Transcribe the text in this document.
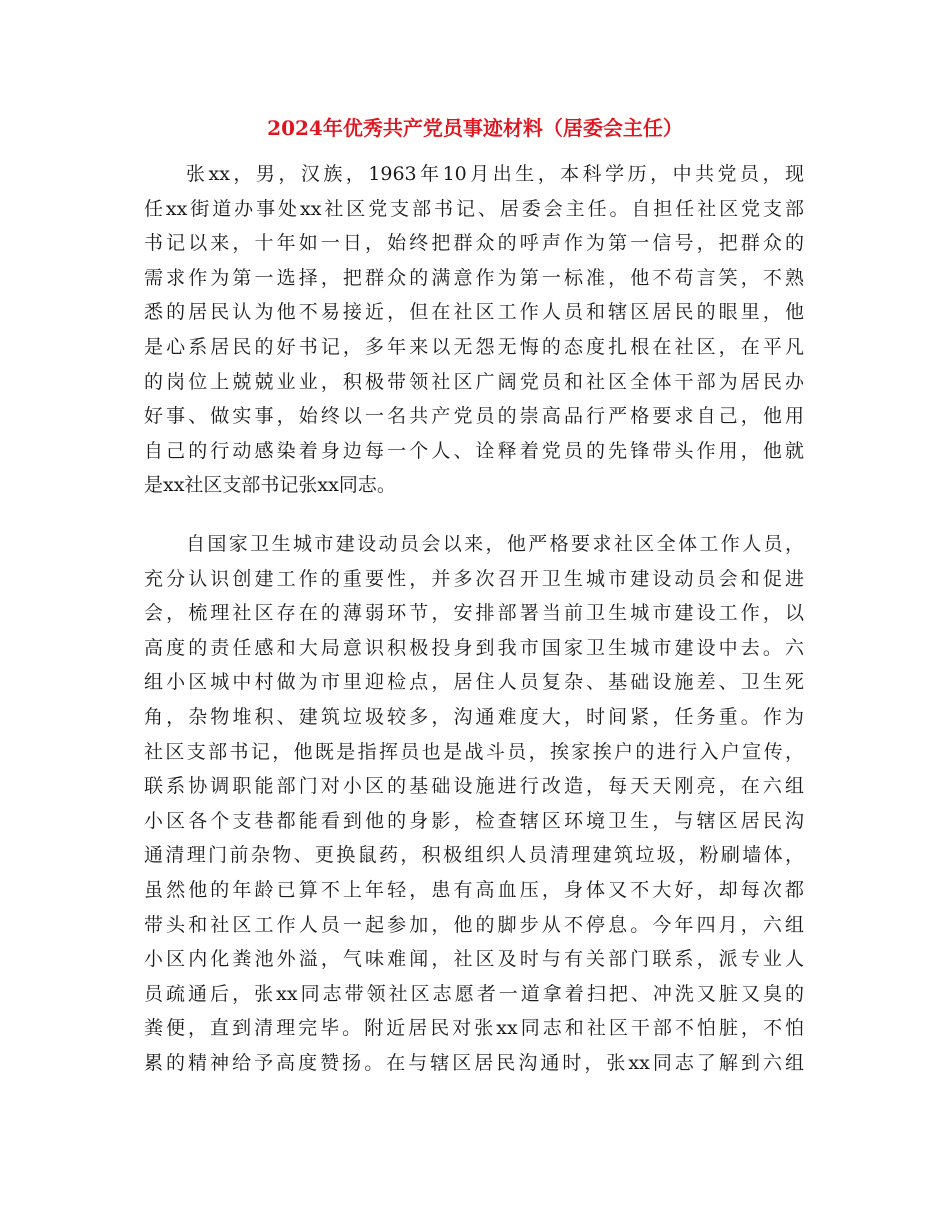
2024年优秀共产党员事迹材料（居委会主任）
张xx，男，汉族，1963年10月出生，本科学历，中共党员，现
任xx街道办事处xx社区党支部书记、居委会主任。自担任社区党支部
书记以来，十年如一日，始终把群众的呼声作为第一信号，把群众的
需求作为第一选择，把群众的满意作为第一标准，他不苟言笑，不熟
悉的居民认为他不易接近，但在社区工作人员和辖区居民的眼里，他
是心系居民的好书记，多年来以无怨无悔的态度扎根在社区，在平凡
的岗位上兢兢业业，积极带领社区广阔党员和社区全体干部为居民办
好事、做实事，始终以一名共产党员的崇高品行严格要求自己，他用
自己的行动感染着身边每一个人、诠释着党员的先锋带头作用，他就
是xx社区支部书记张xx同志。
自国家卫生城市建设动员会以来，他严格要求社区全体工作人员，
充分认识创建工作的重要性，并多次召开卫生城市建设动员会和促进
会，梳理社区存在的薄弱环节，安排部署当前卫生城市建设工作，以
高度的责任感和大局意识积极投身到我市国家卫生城市建设中去。六
组小区城中村做为市里迎检点，居住人员复杂、基础设施差、卫生死
角，杂物堆积、建筑垃圾较多，沟通难度大，时间紧，任务重。作为
社区支部书记，他既是指挥员也是战斗员，挨家挨户的进行入户宣传，
联系协调职能部门对小区的基础设施进行改造，每天天刚亮，在六组
小区各个支巷都能看到他的身影，检查辖区环境卫生，与辖区居民沟
通清理门前杂物、更换鼠药，积极组织人员清理建筑垃圾，粉刷墙体，
虽然他的年龄已算不上年轻，患有高血压，身体又不大好，却每次都
带头和社区工作人员一起参加，他的脚步从不停息。今年四月，六组
小区内化粪池外溢，气味难闻，社区及时与有关部门联系，派专业人
员疏通后，张xx同志带领社区志愿者一道拿着扫把、冲洗又脏又臭的
粪便，直到清理完毕。附近居民对张xx同志和社区干部不怕脏，不怕
累的精神给予高度赞扬。在与辖区居民沟通时，张xx同志了解到六组
